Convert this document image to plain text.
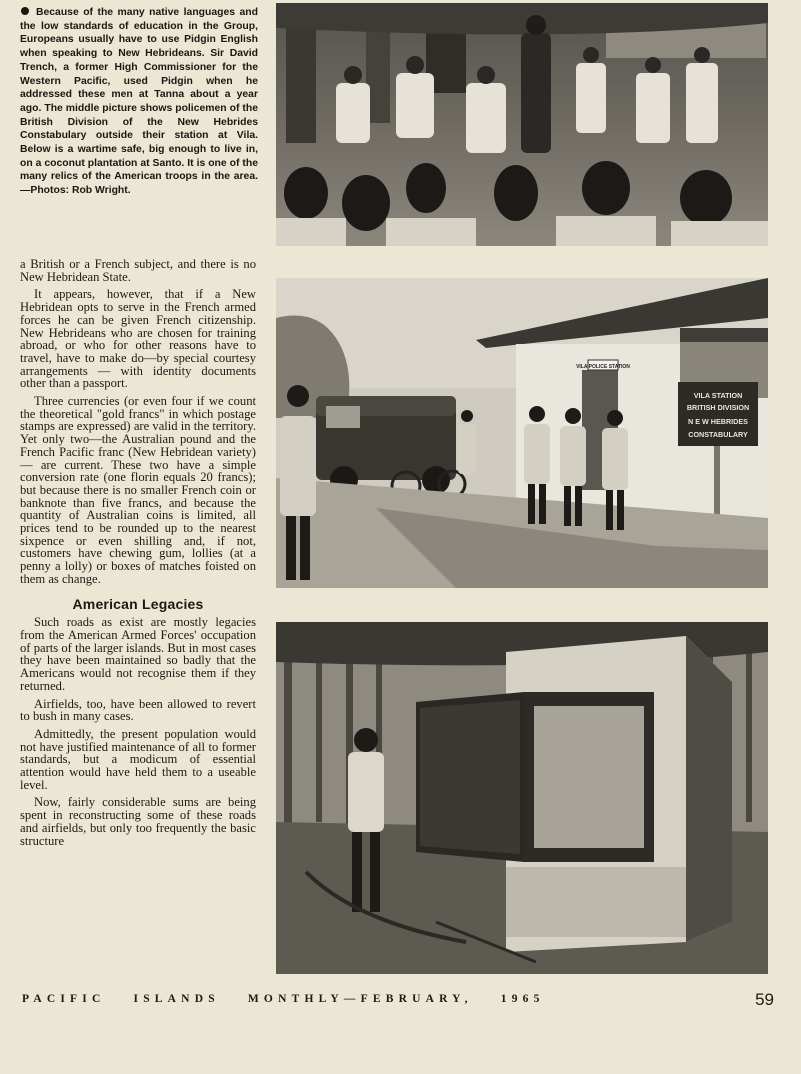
Because of the many native languages and the low standards of education in the Group, Europeans usually have to use Pidgin English when speaking to New Hebrideans. Sir David Trench, a former High Commissioner for the Western Pacific, used Pidgin when he addressed these men at Tanna about a year ago. The middle picture shows policemen of the British Division of the New Hebrides Constabulary outside their station at Vila. Below is a wartime safe, big enough to live in, on a coconut plantation at Santo. It is one of the many relics of the American troops in the area.—Photos: Rob Wright.

a British or a French subject, and there is no New Hebridean State.

It appears, however, that if a New Hebridean opts to serve in the French armed forces he can be given French citizenship. New Hebrideans who are chosen for training abroad, or who for other reasons have to travel, have to make do—by special courtesy arrangements — with identity documents other than a passport.

Three currencies (or even four if we count the theoretical "gold francs" in which postage stamps are expressed) are valid in the territory. Yet only two—the Australian pound and the French Pacific franc (New Hebridean variety) — are current. These two have a simple conversion rate (one florin equals 20 francs); but because there is no smaller French coin or banknote than five francs, and because the quantity of Australian coins is limited, all prices tend to be rounded up to the nearest sixpence or even shilling and, if not, customers have chewing gum, lollies (at a penny a lolly) or boxes of matches foisted on them as change.

American Legacies

Such roads as exist are mostly legacies from the American Armed Forces' occupation of parts of the larger islands. But in most cases they have been maintained so badly that the Americans would not recognise them if they returned.

Airfields, too, have been allowed to revert to bush in many cases.

Admittedly, the present population would not have justified maintenance of all to former standards, but a modicum of essential attention would have held them to a useable level.

Now, fairly considerable sums are being spent in reconstructing some of these roads and airfields, but only too frequently the basic structure

VILA POLICE STATION
VILA STATION
BRITISH DIVISION
N E W HEBRIDES
CONSTABULARY
PACIFIC ISLANDS MONTHLY—FEBRUARY, 1965	59
